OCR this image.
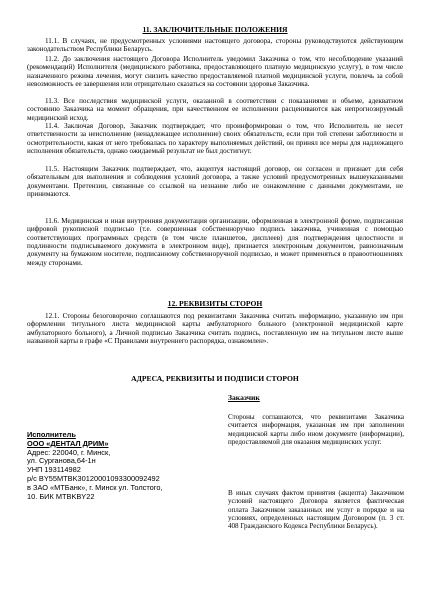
11. ЗАКЛЮЧИТЕЛЬНЫЕ ПОЛОЖЕНИЯ

11.1. В случаях, не предусмотренных условиями настоящего договора, стороны руководствуются действующим законодательством Республики Беларусь.

11.2. До заключения настоящего Договора Исполнитель уведомил Заказчика о том, что несоблюдение указаний (рекомендаций) Исполнителя (медицинского работника, предоставляющего платную медицинскую услугу), в том числе назначенного режима лечения, могут снизить качество предоставляемой платной медицинской услуги, повлечь за собой невозможность ее завершения или отрицательно сказаться на состоянии здоровья Заказчика.

11.3. Все последствия медицинской услуги, оказанной в соответствии с показаниями и объеме, адекватном состоянию Заказчика на момент обращения, при качественном ее исполнении расцениваются как непрогнозируемый медицинский исход.

11.4. Заключая Договор, Заказчик подтверждает, что проинформирован о том, что Исполнитель не несет ответственности за неисполнение (ненадлежащее исполнение) своих обязательств, если при той степени заботливости и осмотрительности, какая от него требовалась по характеру выполняемых действий, он принял все меры для надлежащего исполнения обязательств, однако ожидаемый результат не был достигнут.

11.5. Настоящим Заказчик подтверждает, что, акцептуя настоящий договор, он согласен и признает для себя обязательным для выполнения и соблюдения условий договора, а также условий предусмотренных вышеуказанными документами. Претензии, связанные со ссылкой на незнание либо не ознакомление с данными документами, не принимаются.

11.6. Медицинская и иная внутренняя документация организации, оформленная в электронной форме, подписанная цифровой рукописной подписью (т.е. совершенная собственноручно подпись заказчика, учиненная с помощью соответствующих программных средств (в том числе планшетов, дисплеев) для подтверждения целостности и подлинности подписываемого документа в электронном виде), признается электронным документом, равнозначным документу на бумажном носителе, подписанному собственноручной подписью, и может применяться в правоотношениях между сторонами.

12. РЕКВИЗИТЫ СТОРОН

12.1. Стороны безоговорочно соглашаются под реквизитами Заказчика считать информацию, указанную им при оформлении титульного листа медицинской карты амбулаторного больного (электронной медицинской карте амбулаторного больного), а Личной подписью Заказчика считать подпись, поставленную им на титульном листе выше названной карты в графе «С Правилами внутреннего распорядка, ознакомлен».

АДРЕСА, РЕКВИЗИТЫ И ПОДПИСИ СТОРОН
Заказчик
Исполнитель
ООО «ДЕНТАЛ ДРИМ»
Адрес: 220040, г. Минск,
ул. Сурганова,64-1н
УНП 193114982
р/с BY55MTBK30120001093300092492
в ЗАО «МТБанк», г. Минск ул. Толстого,
10. БИК MTBKBY22

Стороны соглашаются, что реквизитами Заказчика считается информация, указанная им при заполнении медицинской карты либо ином документе (информации), предоставляемой для оказания медицинских услуг.

В иных случаях фактом принятия (акцепта) Заказчиком условий настоящего Договора является фактическая оплата Заказчиком заказанных им услуг в порядке и на условиях, определенных настоящим Договором (п. 3 ст. 408 Гражданского Кодекса Республики Беларусь).
